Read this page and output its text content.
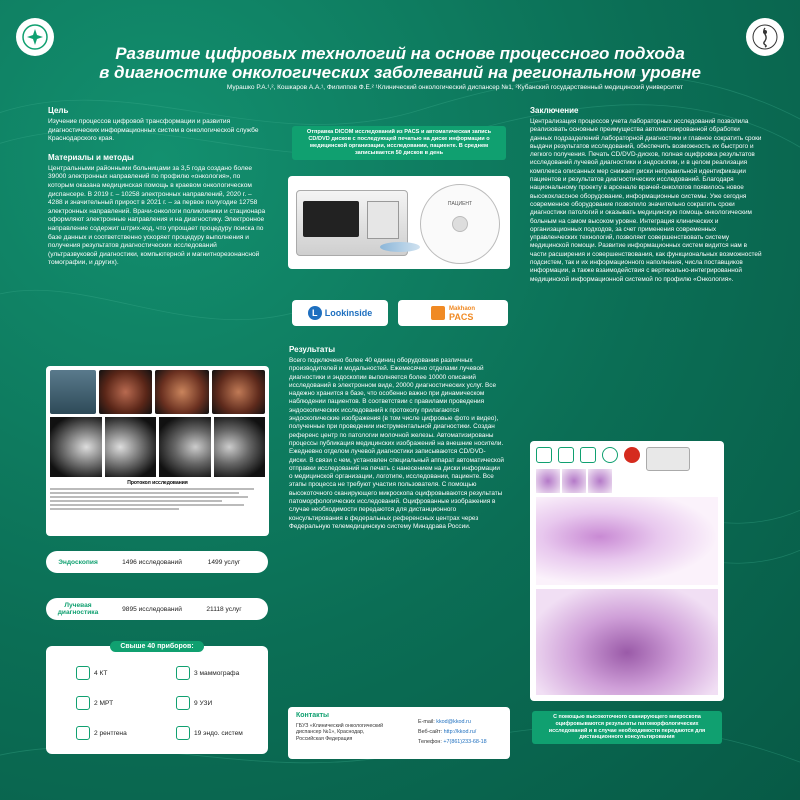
Развитие цифровых технологий на основе процессного подхода
в диагностике онкологических заболеваний на региональном уровне
Мурашко Р.А.¹,², Кошкаров А.А.¹, Филиппов Ф.Е.² ¹Клинический онкологический диспансер №1, ²Кубанский государственный медицинский университет
Цель

Изучение процессов цифровой трансформации и развития диагностических информационных систем в онкологической службе Краснодарского края.

Материалы и методы

Центральными районными больницами за 3,5 года создано более 39000 электронных направлений по профилю «онкология», по которым оказана медицинская помощь в краевом онкологическом диспансере. В 2019 г. – 10258 электронных направлений, 2020 г. – 4288 и значительный прирост в 2021 г. – за первое полугодие 12758 электронных направлений. Врачи-онкологи поликлиники и стационара оформляют электронные направления и на диагностику. Электронное направление содержит штрих-код, что упрощает процедуру поиска по базе данных и соответственно ускоряет процедуру выполнения и получения результатов диагностических исследований (ультразвуковой диагностики, компьютерной и магнитнорезонансной томографии, и других).

Протокол исследования
Эндоскопия	1496 исследований	1499 услуг
Лучевая диагностика	9895 исследований	21118 услуг
Свыше 40 приборов:
4 КТ	3 маммографа
2 МРТ	9 УЗИ
2 рентгена	19 эндо. систем
Отправка DICOM исследований из PACS и автоматическая запись CD/DVD дисков с последующей печатью на диске информации о медицинской организации, исследовании, пациенте. В среднем записывается 50 дисков в день
ПАЦИЕНТ
L Lookinside	Makhaon
PACS
Результаты

Всего подключено более 40 единиц оборудования различных производителей и модальностей. Ежемесячно отделами лучевой диагностики и эндоскопии выполняется более 10000 описаний исследований в электронном виде, 20000 диагностических услуг. Все надежно хранится в базе, что особенно важно при динамическом наблюдении пациентов. В соответствии с правилами проведения эндоскопических исследований к протоколу прилагаются эндоскопические изображения (в том числе цифровые фото и видео), полученные при проведении инструментальной диагностики. Создан референс центр по патологии молочной железы. Автоматизированы процессы публикация медицинских изображений на внешние носители. Ежедневно отделом лучевой диагностики записываются CD/DVD-диски. В связи с чем, установлен специальный аппарат автоматической отправки исследований на печать с нанесением на диски информации о медицинской организации, логотипе, исследовании, пациенте. Все этапы процесса не требуют участия пользователя. С помощью высокоточного сканирующего микроскопа оцифровываются результаты патоморфологических исследований. Оцифрованные изображения в случае необходимости передаются для дистанционного консультирования в федеральных референсных центрах через Федеральную телемедицинскую систему Минздрава России.

Контакты
ГБУЗ «Клинический онкологический диспансер №1», Краснодар, Российская Федерация
E-mail: kkod@kkod.ru
Веб-сайт: http://kkod.ru/
Телефон: +7(861)233-68-18
Заключение

Централизация процессов учета лабораторных исследований позволила реализовать основные преимущества автоматизированной обработки данных подразделений лабораторной диагностики и главное сократить сроки выдачи результатов исследований, обеспечить возможность их быстрого и легкого получения. Печать CD/DVD-дисков, полная оцифровка результатов исследований лучевой диагностики и эндоскопии, и в целом реализация комплекса описанных мер снижает риски неправильной идентификации пациентов и результатов диагностических исследований. Благодаря национальному проекту в арсенале врачей-онкологов появилось новое высококлассное оборудование, информационные системы. Уже сегодня современное оборудование позволило значительно сократить сроки диагностики патологий и оказывать медицинскую помощь онкологическим больным на самом высоком уровне. Интеграция клинических и организационных подходов, за счет применения современных управленческих технологий, позволяет совершенствовать систему медицинской помощи. Развитие информационных систем видится нам в части расширения и совершенствования, как функциональных возможностей подсистем, так и их информационного наполнения, числа поставщиков информации, а также взаимодействия с вертикально-интегрированной медицинской информационной системой по профилю «Онкология».

С помощью высокоточного сканирующего микроскопа оцифровываются результаты патоморфологических исследований и в случае необходимости передаются для дистанционного консультирования
